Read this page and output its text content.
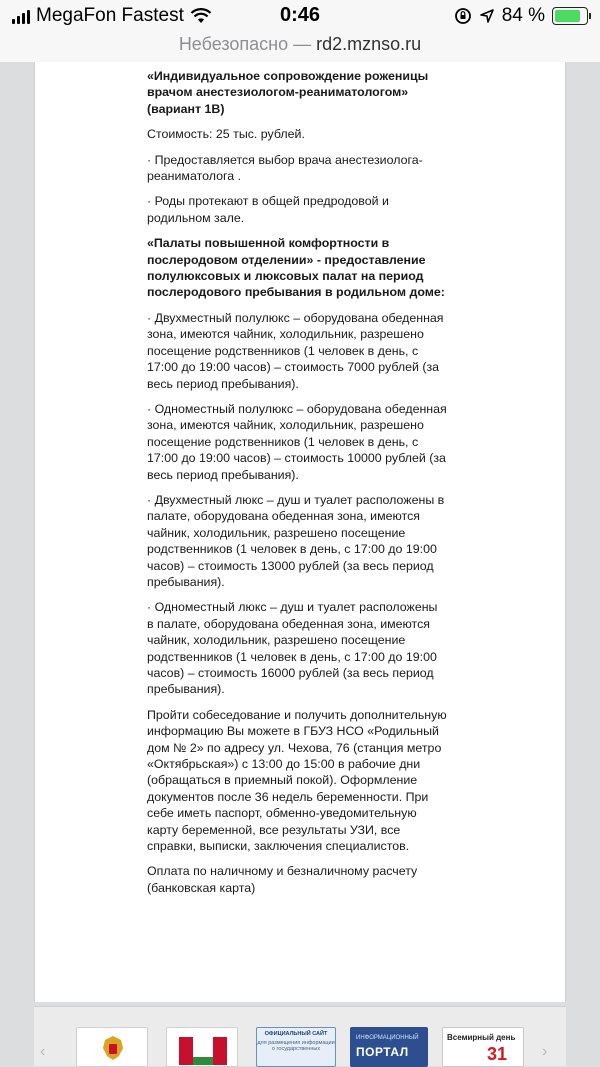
MegaFon Fastest	0:46	84 %
Небезопасно — rd2.mznso.ru

«Индивидуальное сопровождение роженицы врачом анестезиологом-реаниматологом» (вариант 1В)

Стоимость: 25 тыс. рублей.

· Предоставляется выбор врача анестезиолога-реаниматолога .

· Роды протекают в общей предродовой и родильном зале.

«Палаты повышенной комфортности в послеродовом отделении» - предоставление полулюксовых и люксовых палат на период послеродового пребывания в родильном доме:

· Двухместный полулюкс – оборудована обеденная зона, имеются чайник, холодильник, разрешено посещение родственников (1 человек в день, с 17:00 до 19:00 часов) – стоимость 7000 рублей (за весь период пребывания).

· Одноместный полулюкс – оборудована обеденная зона, имеются чайник, холодильник, разрешено посещение родственников (1 человек в день, с 17:00 до 19:00 часов) – стоимость 10000 рублей (за весь период пребывания).

· Двухместный люкс – душ и туалет расположены в палате, оборудована обеденная зона, имеются чайник, холодильник, разрешено посещение родственников (1 человек в день, с 17:00 до 19:00 часов) – стоимость 13000 рублей (за весь период пребывания).

· Одноместный люкс – душ и туалет расположены в палате, оборудована обеденная зона, имеются чайник, холодильник, разрешено посещение родственников (1 человек в день, с 17:00 до 19:00 часов) – стоимость 16000 рублей (за весь период пребывания).

Пройти собеседование и получить дополнительную информацию Вы можете в ГБУЗ НСО «Родильный дом № 2» по адресу ул. Чехова, 76 (станция метро «Октябрьская») с 13:00 до 15:00 в рабочие дни (обращаться в приемный покой). Оформление документов после 36 недель беременности. При себе иметь паспорт, обменно-уведомительную карту беременной, все результаты УЗИ, все справки, выписки, заключения специалистов.

Оплата по наличному и безналичному расчету (банковская карта)

‹
ОФИЦИАЛЬНЫЙ САЙТ
для размещения информации о государственных
ИНФОРМАЦИОННЫЙ
ПОРТАЛ
Всемирный день
31 ›
